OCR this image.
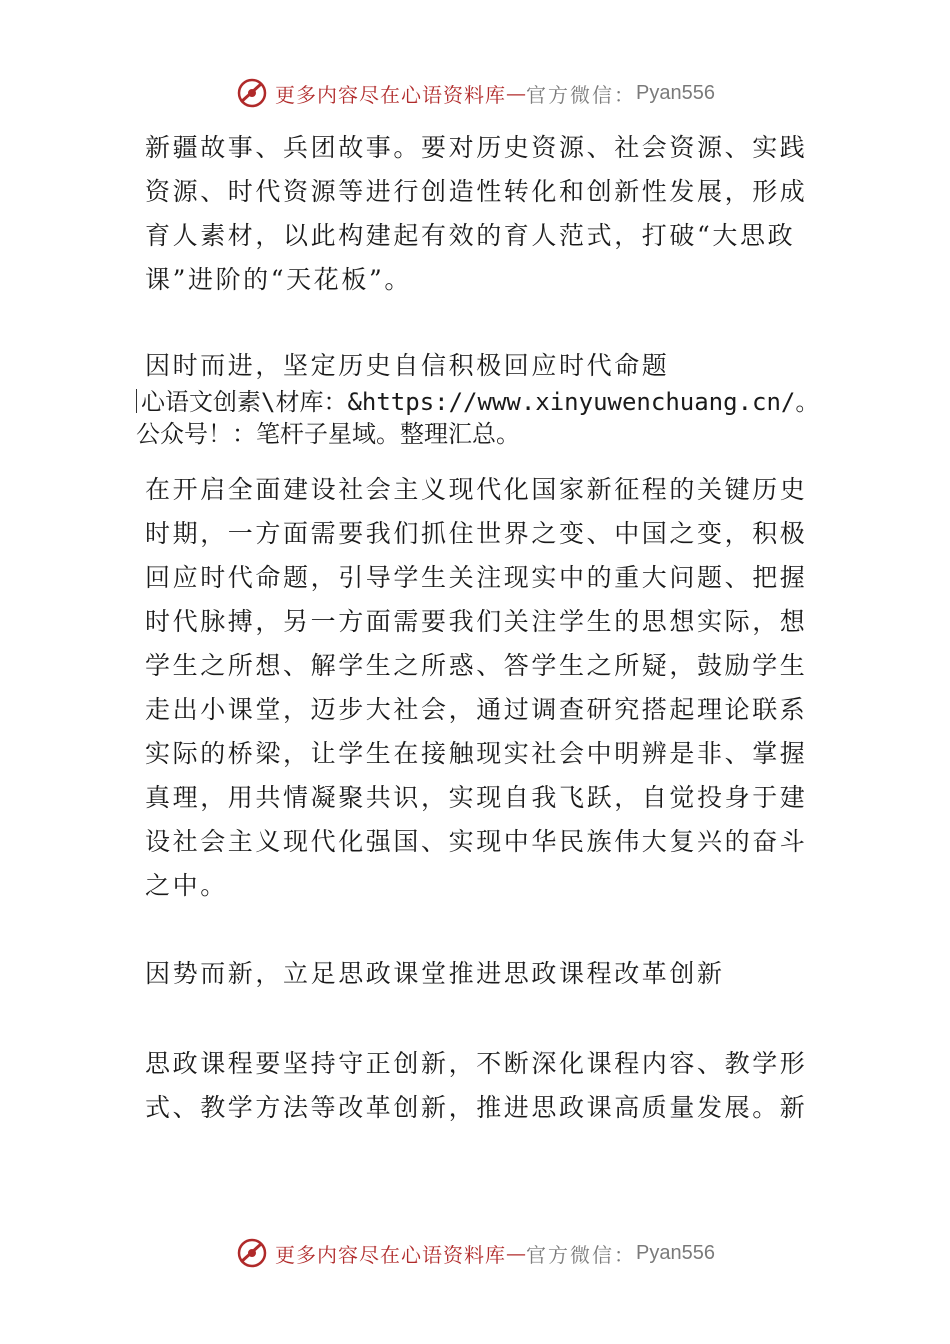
更多内容尽在心语资料库 — 官方微信： Pyan556

新疆故事、兵团故事。要对历史资源、社会资源、实践资源、时代资源等进行创造性转化和创新性发展，形成育人素材，以此构建起有效的育人范式，打破“大思政课”进阶的“天花板”。

因时而进，坚定历史自信积极回应时代命题

心语文创素\材库：&https://www.xinyuwenchuang.cn/。

公众号！：笔杆子星域。整理汇总。

在开启全面建设社会主义现代化国家新征程的关键历史时期，一方面需要我们抓住世界之变、中国之变，积极回应时代命题，引导学生关注现实中的重大问题、把握时代脉搏，另一方面需要我们关注学生的思想实际，想学生之所想、解学生之所惑、答学生之所疑，鼓励学生走出小课堂，迈步大社会，通过调查研究搭起理论联系实际的桥梁，让学生在接触现实社会中明辨是非、掌握真理，用共情凝聚共识，实现自我飞跃，自觉投身于建设社会主义现代化强国、实现中华民族伟大复兴的奋斗之中。

因势而新，立足思政课堂推进思政课程改革创新

思政课程要坚持守正创新，不断深化课程内容、教学形式、教学方法等改革创新，推进思政课高质量发展。新

更多内容尽在心语资料库 — 官方微信： Pyan556
